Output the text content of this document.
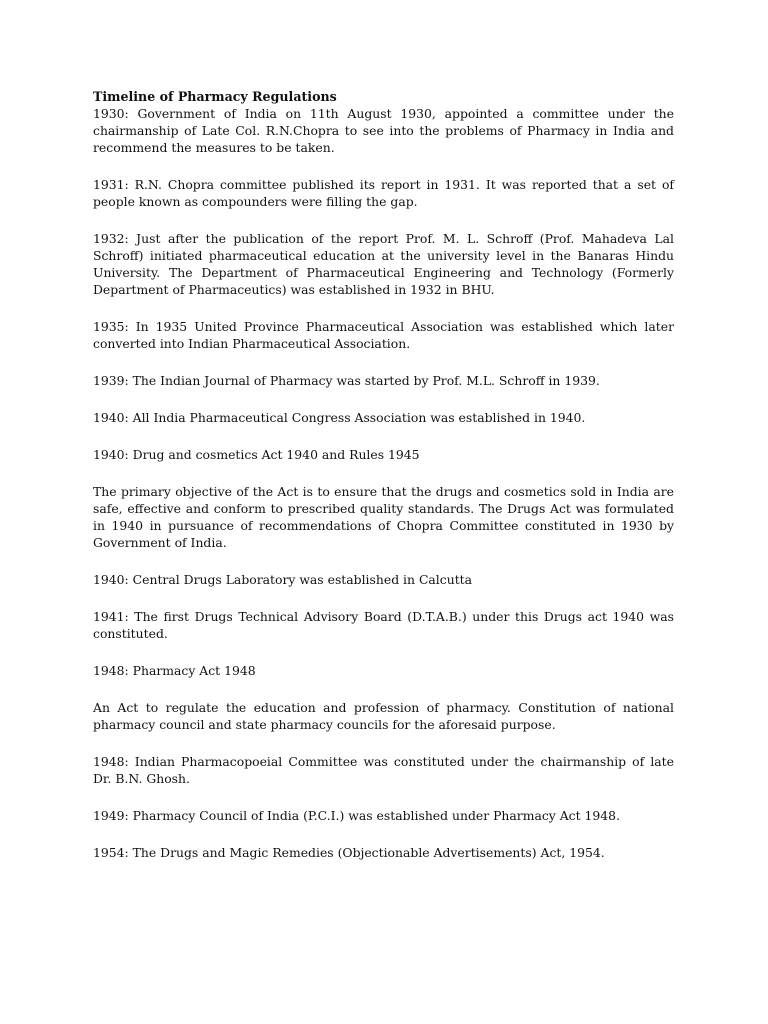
Timeline of Pharmacy Regulations

1930: Government of India on 11th August 1930, appointed a committee under the chairmanship of Late Col. R.N.Chopra to see into the problems of Pharmacy in India and recommend the measures to be taken.

1931: R.N. Chopra committee published its report in 1931. It was reported that a set of people known as compounders were filling the gap.

1932: Just after the publication of the report Prof. M. L. Schroff (Prof. Mahadeva Lal Schroff) initiated pharmaceutical education at the university level in the Banaras Hindu University. The Department of Pharmaceutical Engineering and Technology (Formerly Department of Pharmaceutics) was established in 1932 in BHU.

1935: In 1935 United Province Pharmaceutical Association was established which later converted into Indian Pharmaceutical Association.

1939: The Indian Journal of Pharmacy was started by Prof. M.L. Schroff in 1939.

1940: All India Pharmaceutical Congress Association was established in 1940.

1940: Drug and cosmetics Act 1940 and Rules 1945

The primary objective of the Act is to ensure that the drugs and cosmetics sold in India are safe, effective and conform to prescribed quality standards. The Drugs Act was formulated in 1940 in pursuance of recommendations of Chopra Committee constituted in 1930 by Government of India.

1940: Central Drugs Laboratory was established in Calcutta

1941: The first Drugs Technical Advisory Board (D.T.A.B.) under this Drugs act 1940 was constituted.

1948: Pharmacy Act 1948

An Act to regulate the education and profession of pharmacy. Constitution of national pharmacy council and state pharmacy councils for the aforesaid purpose.

1948: Indian Pharmacopoeial Committee was constituted under the chairmanship of late Dr. B.N. Ghosh.

1949: Pharmacy Council of India (P.C.I.) was established under Pharmacy Act 1948.

1954: The Drugs and Magic Remedies (Objectionable Advertisements) Act, 1954.
